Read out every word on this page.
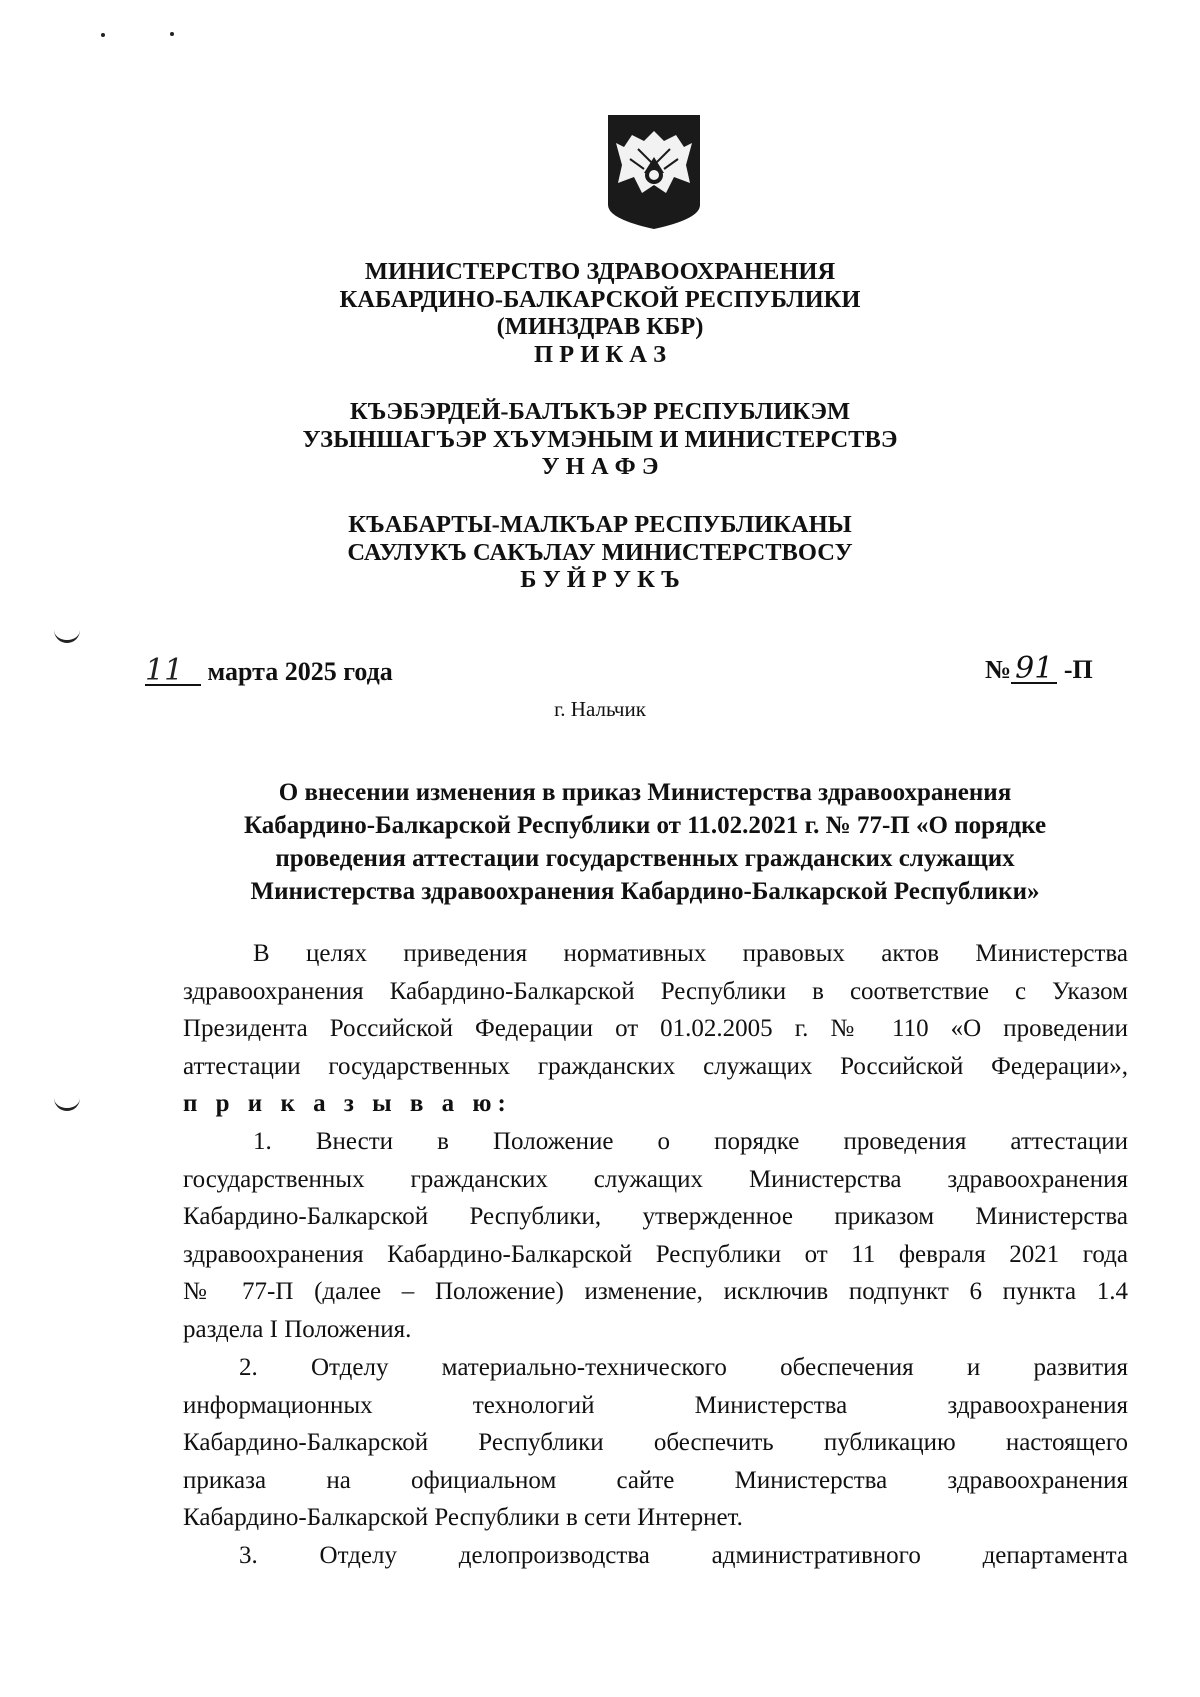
МИНИСТЕРСТВО ЗДРАВООХРАНЕНИЯ
КАБАРДИНО-БАЛКАРСКОЙ РЕСПУБЛИКИ
(МИНЗДРАВ КБР)
П Р И К А З
КЪЭБЭРДЕЙ-БАЛЪКЪЭР РЕСПУБЛИКЭМ
УЗЫНШАГЪЭР ХЪУМЭНЫМ И МИНИСТЕРСТВЭ
У Н А Ф Э
КЪАБАРТЫ-МАЛКЪАР РЕСПУБЛИКАНЫ
САУЛУКЪ САКЪЛАУ МИНИСТЕРСТВОСУ
Б У Й Р У К Ъ
11 марта 2025 года	№ 91 -П
г. Нальчик
О внесении изменения в приказ Министерства здравоохранения
Кабардино-Балкарской Республики от 11.02.2021 г. № 77-П «О порядке
проведения аттестации государственных гражданских служащих
Министерства здравоохранения Кабардино-Балкарской Республики»
В целях приведения нормативных правовых актов Министерства
здравоохранения Кабардино-Балкарской Республики в соответствие с Указом
Президента Российской Федерации от 01.02.2005 г. № 110 «О проведении
аттестации государственных гражданских служащих Российской Федерации»,
п р и к а з ы в а ю:
1. Внести в Положение о порядке проведения аттестации
государственных гражданских служащих Министерства здравоохранения
Кабардино-Балкарской Республики, утвержденное приказом Министерства
здравоохранения Кабардино-Балкарской Республики от 11 февраля 2021 года
№ 77-П (далее – Положение) изменение, исключив подпункт 6 пункта 1.4
раздела I Положения.
2. Отделу материально-технического обеспечения и развития
информационных технологий Министерства здравоохранения
Кабардино-Балкарской Республики обеспечить публикацию настоящего
приказа на официальном сайте Министерства здравоохранения
Кабардино-Балкарской Республики в сети Интернет.
3. Отделу делопроизводства административного департамента
